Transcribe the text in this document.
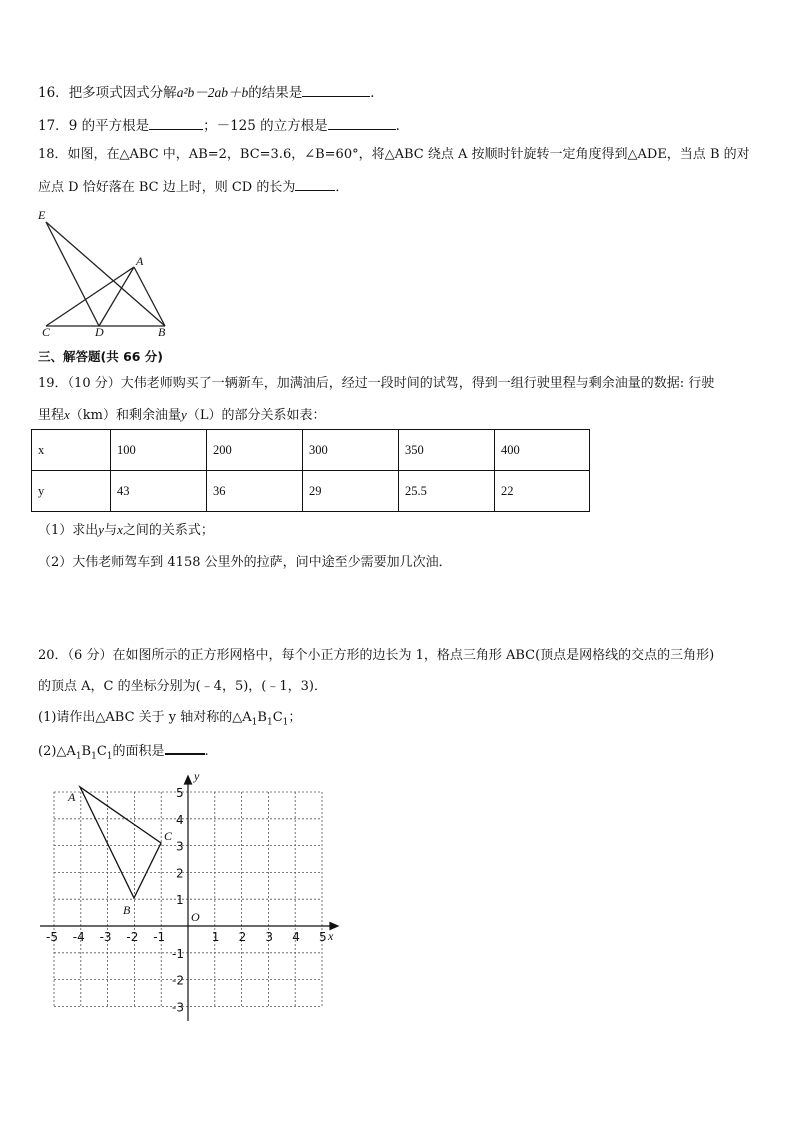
16．把多项式因式分解a²b－2ab＋b的结果是	．
17．9 的平方根是	；－125 的立方根是	．
18．如图，在△ABC 中，AB=2，BC=3.6，∠B=60°，将△ABC 绕点 A 按顺时针旋转一定角度得到△ADE，当点 B 的对
应点 D 恰好落在 BC 边上时，则 CD 的长为	．
E
A
C	D	B
三、解答题(共 66 分)
19．（10 分）大伟老师购买了一辆新车，加满油后，经过一段时间的试驾，得到一组行驶里程与剩余油量的数据: 行驶
里程x（km）和剩余油量y（L）的部分关系如表：
x	100	200	300	350	400
y	43	36	29	25.5	22
（1）求出y与x之间的关系式；
（2）大伟老师驾车到 4158 公里外的拉萨，问中途至少需要加几次油．
20．（6 分）在如图所示的正方形网格中，每个小正方形的边长为 1，格点三角形 ABC(顶点是网格线的交点的三角形)
的顶点 A，C 的坐标分别为(﹣4，5)，(﹣1，3)．
(1)请作出△ABC 关于 y 轴对称的$\triangle A_1B_1C_1$；
$(2)\triangle A_1B_1C_1$的面积是	.
-5 -4 -3 -2 -1	1 2 3 4 5
5
4
3
2
1
-1
-2
-3
x
y
O
A
B
C
